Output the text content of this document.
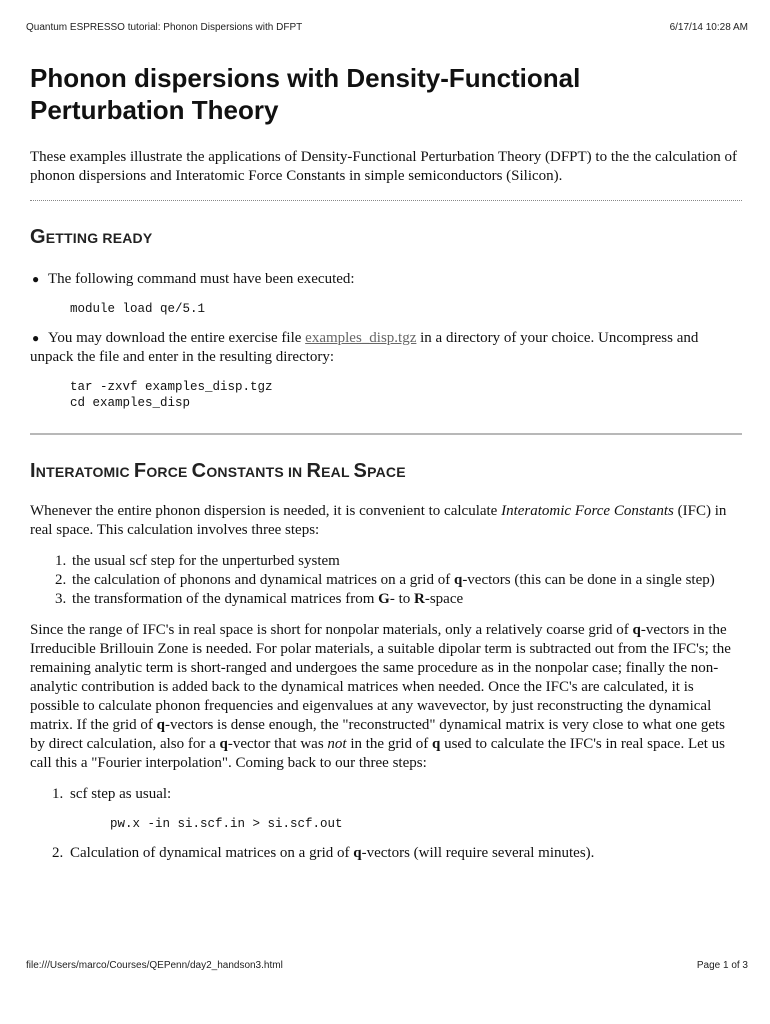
Quantum ESPRESSO tutorial: Phonon Dispersions with DFPT	6/17/14 10:28 AM
Phonon dispersions with Density-Functional Perturbation Theory

These examples illustrate the applications of Density-Functional Perturbation Theory (DFPT) to the the calculation of phonon dispersions and Interatomic Force Constants in simple semiconductors (Silicon).

GETTING READY
● The following command must have been executed:
module load qe/5.1
● You may download the entire exercise file examples_disp.tgz in a directory of your choice. Uncompress and unpack the file and enter in the resulting directory:
tar -zxvf examples_disp.tgz
cd examples_disp
INTERATOMIC FORCE CONSTANTS IN REAL SPACE

Whenever the entire phonon dispersion is needed, it is convenient to calculate Interatomic Force Constants (IFC) in real space. This calculation involves three steps:

1. the usual scf step for the unperturbed system
2. the calculation of phonons and dynamical matrices on a grid of q-vectors (this can be done in a single step)
3. the transformation of the dynamical matrices from G- to R-space

Since the range of IFC's in real space is short for nonpolar materials, only a relatively coarse grid of q-vectors in the Irreducible Brillouin Zone is needed. For polar materials, a suitable dipolar term is subtracted out from the IFC's; the remaining analytic term is short-ranged and undergoes the same procedure as in the nonpolar case; finally the non-analytic contribution is added back to the dynamical matrices when needed. Once the IFC's are calculated, it is possible to calculate phonon frequencies and eigenvalues at any wavevector, by just reconstructing the dynamical matrix. If the grid of q-vectors is dense enough, the "reconstructed" dynamical matrix is very close to what one gets by direct calculation, also for a q-vector that was not in the grid of q used to calculate the IFC's in real space. Let us call this a "Fourier interpolation". Coming back to our three steps:

1. scf step as usual:
pw.x -in si.scf.in > si.scf.out
2. Calculation of dynamical matrices on a grid of q-vectors (will require several minutes).
file:///Users/marco/Courses/QEPenn/day2_handson3.html	Page 1 of 3
